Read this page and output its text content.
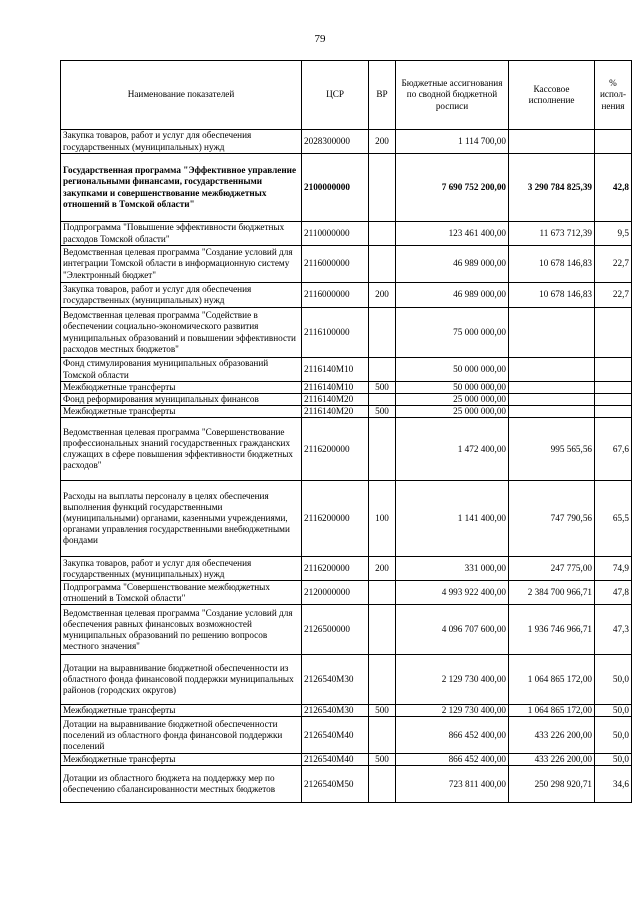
79
Наименование показателей	ЦСР	ВР	Бюджетные ассигнования по сводной бюджетной росписи	Кассовое исполнение	% испол-нения
Закупка товаров, работ и услуг для обеспечения государственных (муниципальных) нужд	2028300000	200	1 114 700,00		
Государственная программа "Эффективное управление региональными финансами, государственными закупками и совершенствование межбюджетных отношений в Томской области"	2100000000		7 690 752 200,00	3 290 784 825,39	42,8
Подпрограмма "Повышение эффективности бюджетных расходов Томской области"	2110000000		123 461 400,00	11 673 712,39	9,5
Ведомственная целевая программа "Создание условий для интеграции Томской области в информационную систему "Электронный бюджет"	2116000000		46 989 000,00	10 678 146,83	22,7
Закупка товаров, работ и услуг для обеспечения государственных (муниципальных) нужд	2116000000	200	46 989 000,00	10 678 146,83	22,7
Ведомственная целевая программа "Содействие в обеспечении социально-экономического развития муниципальных образований и повышении эффективности расходов местных бюджетов"	2116100000		75 000 000,00		
Фонд стимулирования муниципальных образований Томской области	2116140М10		50 000 000,00		
Межбюджетные трансферты	2116140М10	500	50 000 000,00		
Фонд реформирования муниципальных финансов	2116140М20		25 000 000,00		
Межбюджетные трансферты	2116140М20	500	25 000 000,00		
Ведомственная целевая программа "Совершенствование профессиональных знаний государственных гражданских служащих в сфере повышения эффективности бюджетных расходов"	2116200000		1 472 400,00	995 565,56	67,6
Расходы на выплаты персоналу в целях обеспечения выполнения функций государственными (муниципальными) органами, казенными учреждениями, органами управления государственными внебюджетными фондами	2116200000	100	1 141 400,00	747 790,56	65,5
Закупка товаров, работ и услуг для обеспечения государственных (муниципальных) нужд	2116200000	200	331 000,00	247 775,00	74,9
Подпрограмма "Совершенствование межбюджетных отношений в Томской области"	2120000000		4 993 922 400,00	2 384 700 966,71	47,8
Ведомственная целевая программа "Создание условий для обеспечения равных финансовых возможностей муниципальных образований по решению вопросов местного значения"	2126500000		4 096 707 600,00	1 936 746 966,71	47,3
Дотации на выравнивание бюджетной обеспеченности из областного фонда финансовой поддержки муниципальных районов (городских округов)	2126540М30		2 129 730 400,00	1 064 865 172,00	50,0
Межбюджетные трансферты	2126540М30	500	2 129 730 400,00	1 064 865 172,00	50,0
Дотации на выравнивание бюджетной обеспеченности поселений из областного фонда финансовой поддержки поселений	2126540М40		866 452 400,00	433 226 200,00	50,0
Межбюджетные трансферты	2126540М40	500	866 452 400,00	433 226 200,00	50,0
Дотации из областного бюджета на поддержку мер по обеспечению сбалансированности местных бюджетов	2126540М50		723 811 400,00	250 298 920,71	34,6
